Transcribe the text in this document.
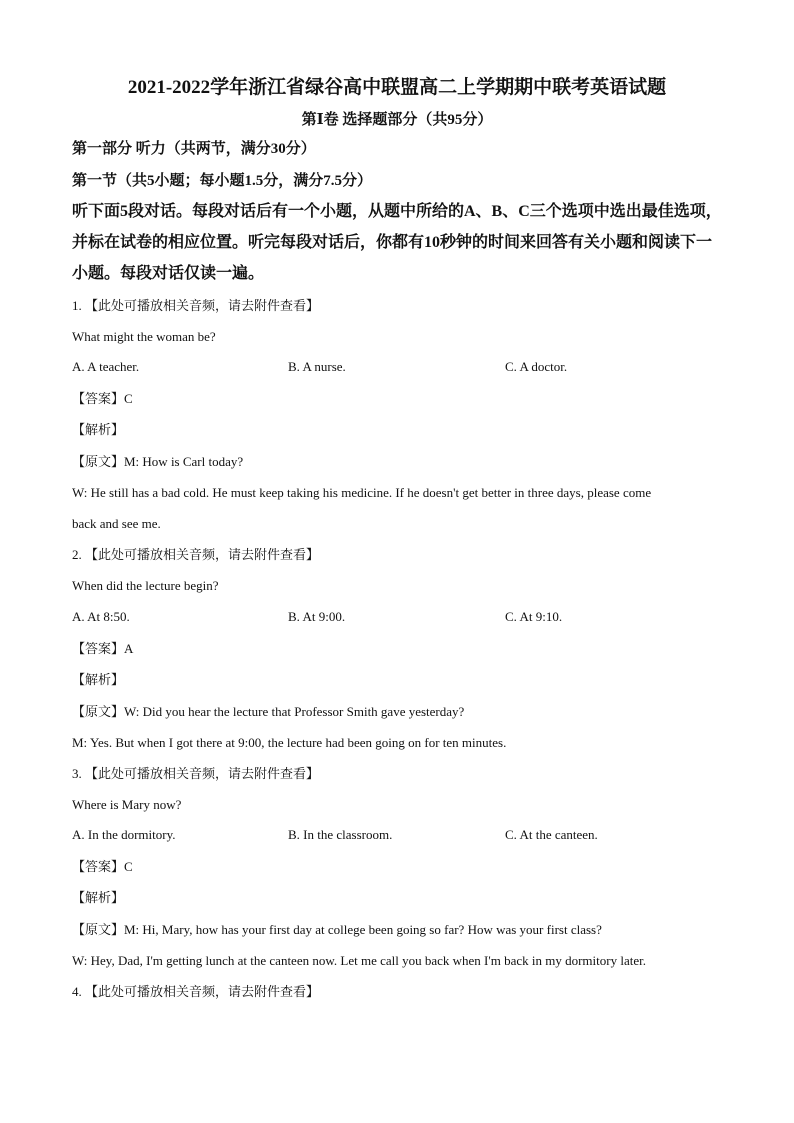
2021-2022学年浙江省绿谷高中联盟高二上学期期中联考英语试题
第Ⅰ卷 选择题部分（共95分）
第一部分 听力（共两节，满分30分）
第一节（共5小题；每小题1.5分，满分7.5分）
听下面5段对话。每段对话后有一个小题，从题中所给的A、B、C三个选项中选出最佳选项，
并标在试卷的相应位置。听完每段对话后，你都有10秒钟的时间来回答有关小题和阅读下一
小题。每段对话仅读一遍。
1. 【此处可播放相关音频，请去附件查看】
What might the woman be?
A. A teacher.	B. A nurse.	C. A doctor.
【答案】C
【解析】
【原文】M: How is Carl today?
W: He still has a bad cold. He must keep taking his medicine. If he doesn't get better in three days, please come
back and see me.
2. 【此处可播放相关音频，请去附件查看】
When did the lecture begin?
A. At 8:50.	B. At 9:00.	C. At 9:10.
【答案】A
【解析】
【原文】W: Did you hear the lecture that Professor Smith gave yesterday?
M: Yes. But when I got there at 9:00, the lecture had been going on for ten minutes.
3. 【此处可播放相关音频，请去附件查看】
Where is Mary now?
A. In the dormitory.	B. In the classroom.	C. At the canteen.
【答案】C
【解析】
【原文】M: Hi, Mary, how has your first day at college been going so far? How was your first class?
W: Hey, Dad, I'm getting lunch at the canteen now. Let me call you back when I'm back in my dormitory later.
4. 【此处可播放相关音频，请去附件查看】
